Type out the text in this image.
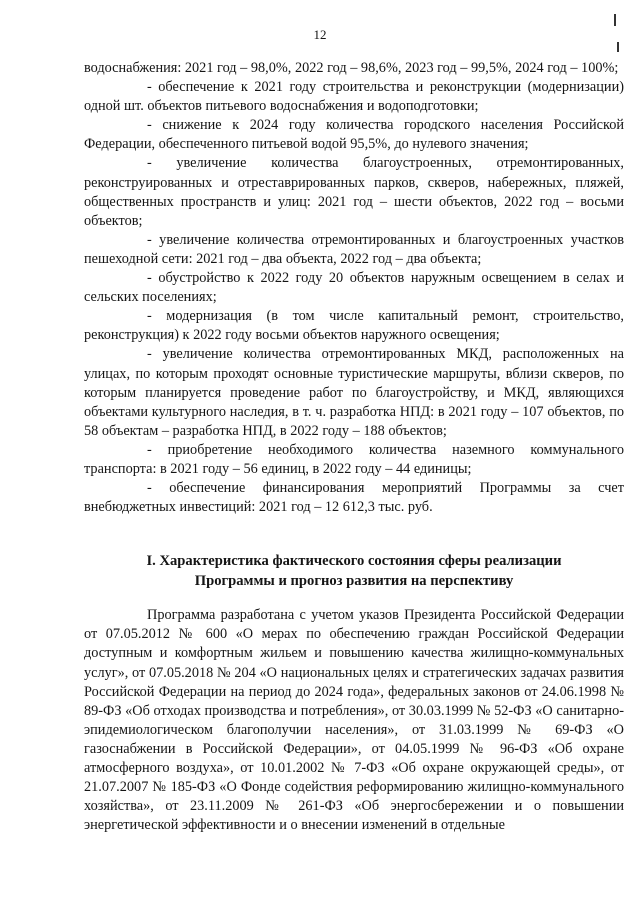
12

водоснабжения: 2021 год – 98,0%, 2022 год – 98,6%, 2023 год – 99,5%, 2024 год – 100%;

- обеспечение к 2021 году строительства и реконструкции (модернизации) одной шт. объектов питьевого водоснабжения и водоподготовки;

- снижение к 2024 году количества городского населения Российской Федерации, обеспеченного питьевой водой 95,5%, до нулевого значения;

- увеличение количества благоустроенных, отремонтированных, реконструированных и отреставрированных парков, скверов, набережных, пляжей, общественных пространств и улиц: 2021 год – шести объектов, 2022 год – восьми объектов;

- увеличение количества отремонтированных и благоустроенных участков пешеходной сети: 2021 год – два объекта, 2022 год – два объекта;

- обустройство к 2022 году 20 объектов наружным освещением в селах и сельских поселениях;

- модернизация (в том числе капитальный ремонт, строительство, реконструкция) к 2022 году восьми объектов наружного освещения;

- увеличение количества отремонтированных МКД, расположенных на улицах, по которым проходят основные туристические маршруты, вблизи скверов, по которым планируется проведение работ по благоустройству, и МКД, являющихся объектами культурного наследия, в т. ч. разработка НПД: в 2021 году – 107 объектов, по 58 объектам – разработка НПД, в 2022 году – 188 объектов;

- приобретение необходимого количества наземного коммунального транспорта: в 2021 году – 56 единиц, в 2022 году – 44 единицы;

- обеспечение финансирования мероприятий Программы за счет внебюджетных инвестиций: 2021 год – 12 612,3 тыс. руб.

I. Характеристика фактического состояния сферы реализации
Программы и прогноз развития на перспективу

Программа разработана с учетом указов Президента Российской Федерации от 07.05.2012 № 600 «О мерах по обеспечению граждан Российской Федерации доступным и комфортным жильем и повышению качества жилищно-коммунальных услуг», от 07.05.2018 № 204 «О национальных целях и стратегических задачах развития Российской Федерации на период до 2024 года», федеральных законов от 24.06.1998 № 89-ФЗ «Об отходах производства и потребления», от 30.03.1999 № 52-ФЗ «О санитарно-эпидемиологическом благополучии населения», от 31.03.1999 № 69-ФЗ «О газоснабжении в Российской Федерации», от 04.05.1999 № 96-ФЗ «Об охране атмосферного воздуха», от 10.01.2002 № 7-ФЗ «Об охране окружающей среды», от 21.07.2007 № 185-ФЗ «О Фонде содействия реформированию жилищно-коммунального хозяйства», от 23.11.2009 № 261-ФЗ «Об энергосбережении и о повышении энергетической эффективности и о внесении изменений в отдельные
